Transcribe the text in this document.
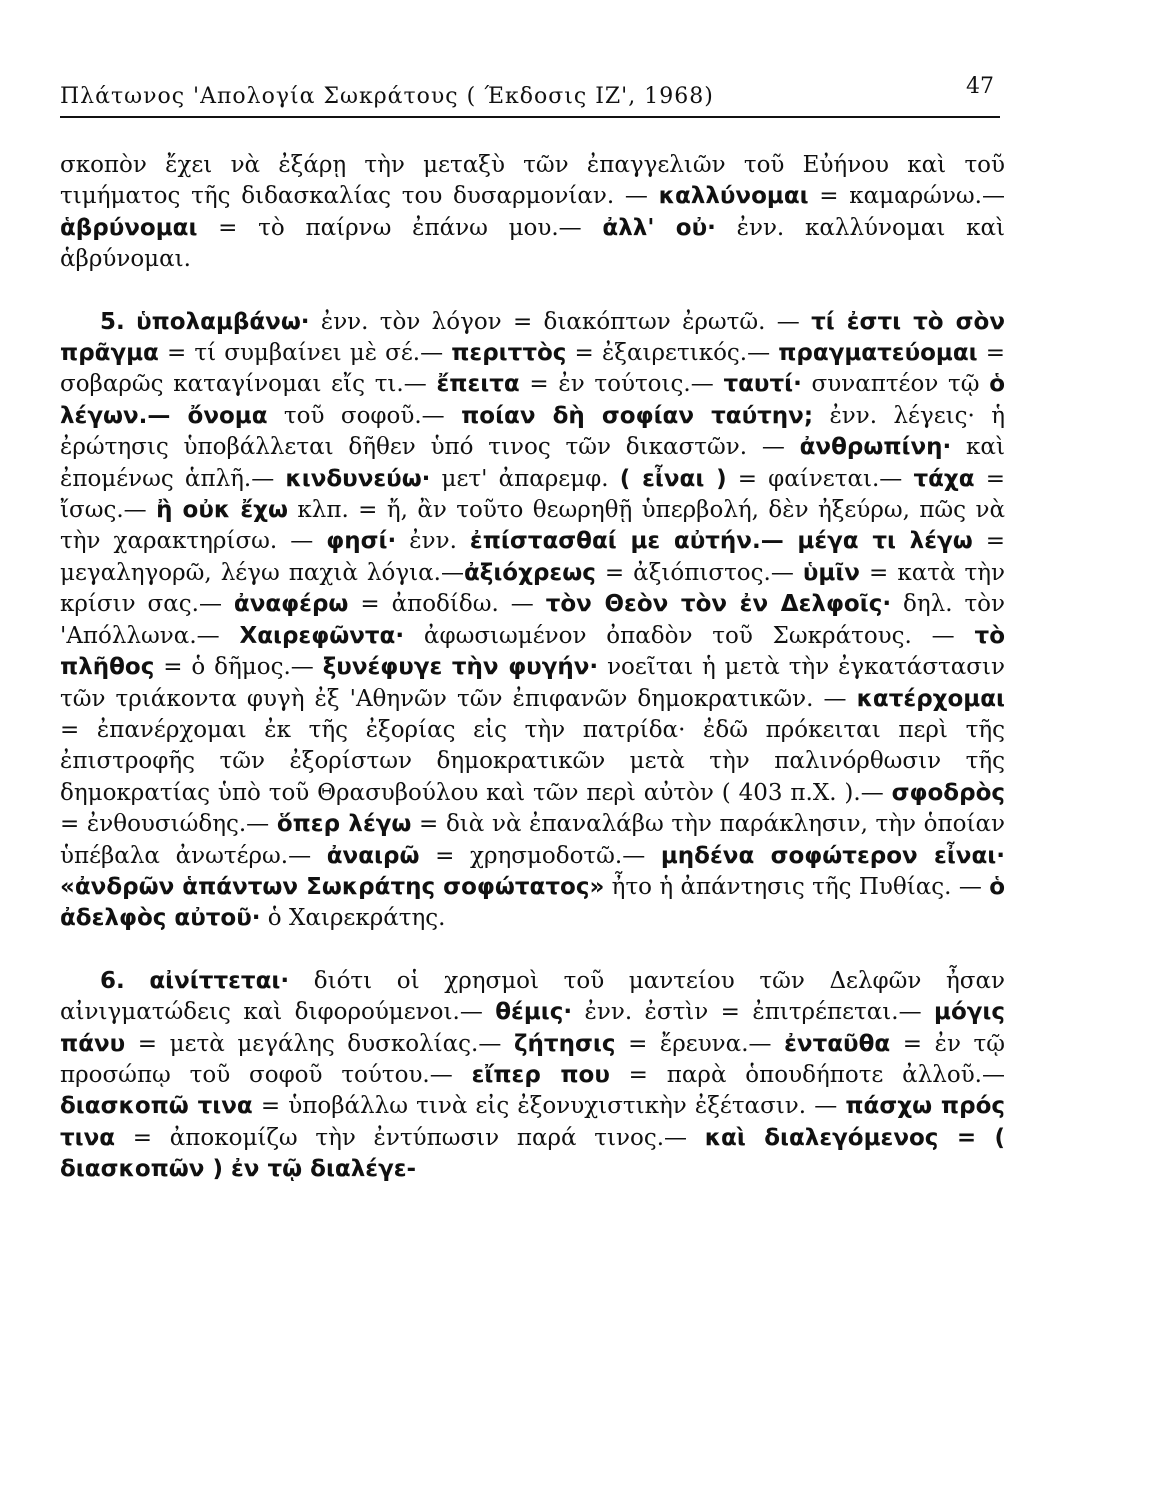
Πλάτωνος 'Απολογία Σωκράτους ( Έκδοσις ΙΖ', 1968)	47

σκοπὸν ἔχει νὰ ἐξάρῃ τὴν μεταξὺ τῶν ἐπαγγελιῶν τοῦ Εὐήνου καὶ τοῦ τιμήματος τῆς διδασκαλίας του δυσαρμονίαν. — καλλύνομαι = καμαρώνω.— ἁβρύνομαι = τὸ παίρνω ἐπάνω μου.— ἀλλ' οὐ· ἐνν. καλλύνομαι καὶ ἁβρύνομαι.

5. ὑπολαμβάνω· ἐνν. τὸν λόγον = διακόπτων ἐρωτῶ. — τί ἐστι τὸ σὸν πρᾶγμα = τί συμβαίνει μὲ σέ.— περιττὸς = ἐξαιρετικός.— πραγματεύομαι = σοβαρῶς καταγίνομαι εἴς τι.— ἔπειτα = ἐν τούτοις.— ταυτί· συναπτέον τῷ ὁ λέγων.— ὄνομα τοῦ σοφοῦ.— ποίαν δὴ σοφίαν ταύτην; ἐνν. λέγεις· ἡ ἐρώτησις ὑποβάλλεται δῆθεν ὑπό τινος τῶν δικαστῶν. — ἀνθρωπίνη· καὶ ἐπομένως ἁπλῆ.— κινδυνεύω· μετ' ἀπαρεμφ. ( εἶναι ) = φαίνεται.— τάχα = ἴσως.— ἢ οὐκ ἔχω κλπ. = ἤ, ἂν τοῦτο θεωρηθῇ ὑπερβολή, δὲν ἠξεύρω, πῶς νὰ τὴν χαρακτηρίσω. — φησί· ἐνν. ἐπίστασθαί με αὐτήν.— μέγα τι λέγω = μεγαληγορῶ, λέγω παχιὰ λόγια.—ἀξιόχρεως = ἀξιόπιστος.— ὑμῖν = κατὰ τὴν κρίσιν σας.— ἀναφέρω = ἀποδίδω. — τὸν Θεὸν τὸν ἐν Δελφοῖς· δηλ. τὸν 'Απόλλωνα.— Χαιρεφῶντα· ἀφωσιωμένον ὀπαδὸν τοῦ Σωκράτους. — τὸ πλῆθος = ὁ δῆμος.— ξυνέφυγε τὴν φυγήν· νοεῖται ἡ μετὰ τὴν ἐγκατάστασιν τῶν τριάκοντα φυγὴ ἐξ 'Αθηνῶν τῶν ἐπιφανῶν δημοκρατικῶν. — κατέρχομαι = ἐπανέρχομαι ἐκ τῆς ἐξορίας εἰς τὴν πατρίδα· ἐδῶ πρόκειται περὶ τῆς ἐπιστροφῆς τῶν ἐξορίστων δημοκρατικῶν μετὰ τὴν παλινόρθωσιν τῆς δημοκρατίας ὑπὸ τοῦ Θρασυβούλου καὶ τῶν περὶ αὐτὸν ( 403 π.Χ. ).— σφοδρὸς = ἐνθουσιώδης.— ὅπερ λέγω = διὰ νὰ ἐπαναλάβω τὴν παράκλησιν, τὴν ὁποίαν ὑπέβαλα ἀνωτέρω.— ἀναιρῶ = χρησμοδοτῶ.— μηδένα σοφώτερον εἶναι· «ἀνδρῶν ἁπάντων Σωκράτης σοφώτατος» ἦτο ἡ ἀπάντησις τῆς Πυθίας. — ὁ ἀδελφὸς αὐτοῦ· ὁ Χαιρεκράτης.

6. αἰνίττεται· διότι οἱ χρησμοὶ τοῦ μαντείου τῶν Δελφῶν ἦσαν αἰνιγματώδεις καὶ διφορούμενοι.— θέμις· ἐνν. ἐστὶν = ἐπιτρέπεται.— μόγις πάνυ = μετὰ μεγάλης δυσκολίας.— ζήτησις = ἔρευνα.— ἐνταῦθα = ἐν τῷ προσώπῳ τοῦ σοφοῦ τούτου.— εἴπερ που = παρὰ ὁπουδήποτε ἀλλοῦ.— διασκοπῶ τινα = ὑποβάλλω τινὰ εἰς ἐξονυχιστικὴν ἐξέτασιν. — πάσχω πρός τινα = ἀποκομίζω τὴν ἐντύπωσιν παρά τινος.— καὶ διαλεγόμενος = ( διασκοπῶν ) ἐν τῷ διαλέγε-
